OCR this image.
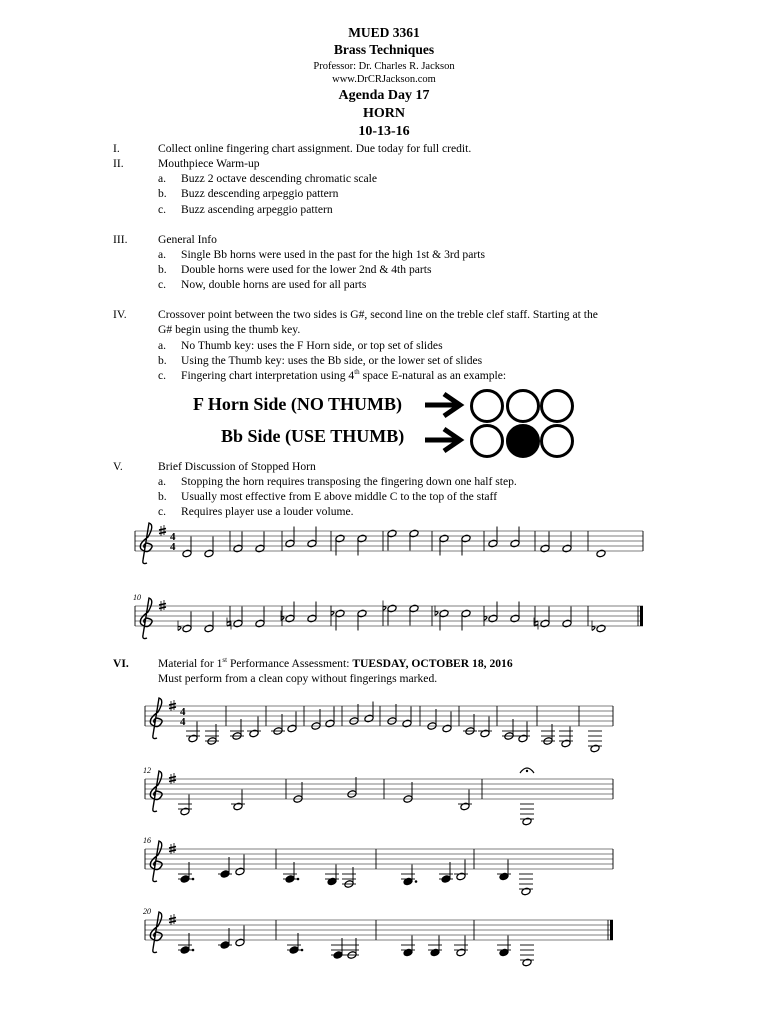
MUED 3361
Brass Techniques
Professor: Dr. Charles R. Jackson
www.DrCRJackson.com
Agenda Day 17
HORN
10-13-16
I.	Collect online fingering chart assignment. Due today for full credit.
II.	Mouthpiece Warm-up
a. Buzz 2 octave descending chromatic scale
b. Buzz descending arpeggio pattern
c. Buzz ascending arpeggio pattern
III.	General Info
a. Single Bb horns were used in the past for the high 1st & 3rd parts
b. Double horns were used for the lower 2nd & 4th parts
c. Now, double horns are used for all parts
IV.	Crossover point between the two sides is G#, second line on the treble clef staff. Starting at the
G# begin using the thumb key.
a. No Thumb key: uses the F Horn side, or top set of slides
b. Using the Thumb key: uses the Bb side, or the lower set of slides
c. Fingering chart interpretation using 4th space E-natural as an example:
F Horn Side (NO THUMB)
Bb Side (USE THUMB)
V.	Brief Discussion of Stopped Horn
a. Stopping the horn requires transposing the fingering down one half step.
b. Usually most effective from E above middle C to the top of the staff
c. Requires player use a louder volume.
VI.	Material for 1st Performance Assessment: TUESDAY, OCTOBER 18, 2016
Must perform from a clean copy without fingerings marked.
4
4
10
4
4
12
16
20
